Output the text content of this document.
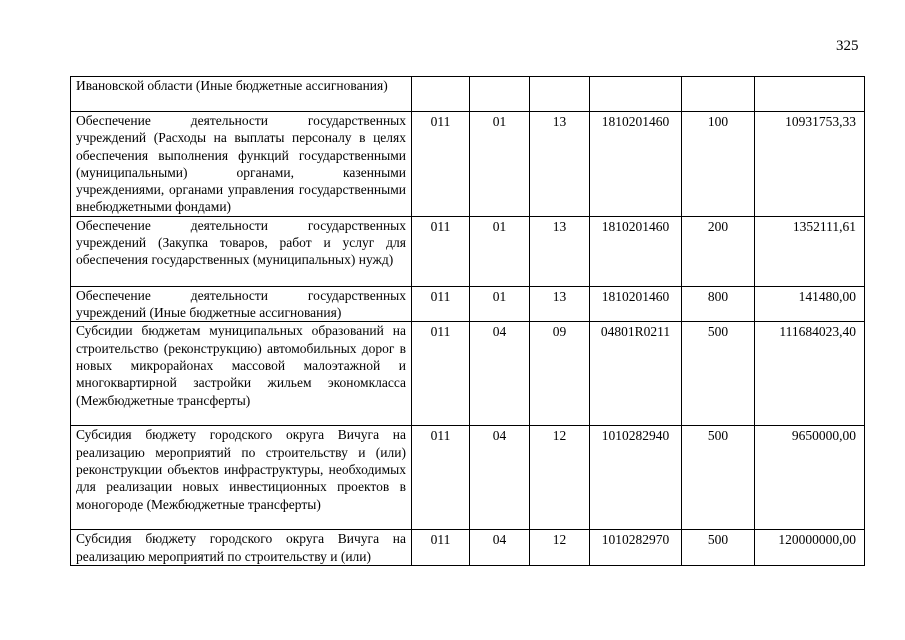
325
Ивановской области (Иные бюджетные ассигнования)						
Обеспечение деятельности государственных учреждений (Расходы на выплаты персоналу в целях обеспечения выполнения функций государственными (муниципальными) органами, казенными учреждениями, органами управления государственными внебюджетными фондами)	011	01	13	1810201460	100	10931753,33
Обеспечение деятельности государственных учреждений (Закупка товаров, работ и услуг для обеспечения государственных (муниципальных) нужд)	011	01	13	1810201460	200	1352111,61
Обеспечение деятельности государственных учреждений (Иные бюджетные ассигнования)	011	01	13	1810201460	800	141480,00
Субсидии бюджетам муниципальных образований на строительство (реконструкцию) автомобильных дорог в новых микрорайонах массовой малоэтажной и многоквартирной застройки жильем экономкласса (Межбюджетные трансферты)	011	04	09	04801R0211	500	111684023,40
Субсидия бюджету городского округа Вичуга на реализацию мероприятий по строительству и (или) реконструкции объектов инфраструктуры, необходимых для реализации новых инвестиционных проектов в моногороде (Межбюджетные трансферты)	011	04	12	1010282940	500	9650000,00
Субсидия бюджету городского округа Вичуга на реализацию мероприятий по строительству и (или)	011	04	12	1010282970	500	120000000,00
